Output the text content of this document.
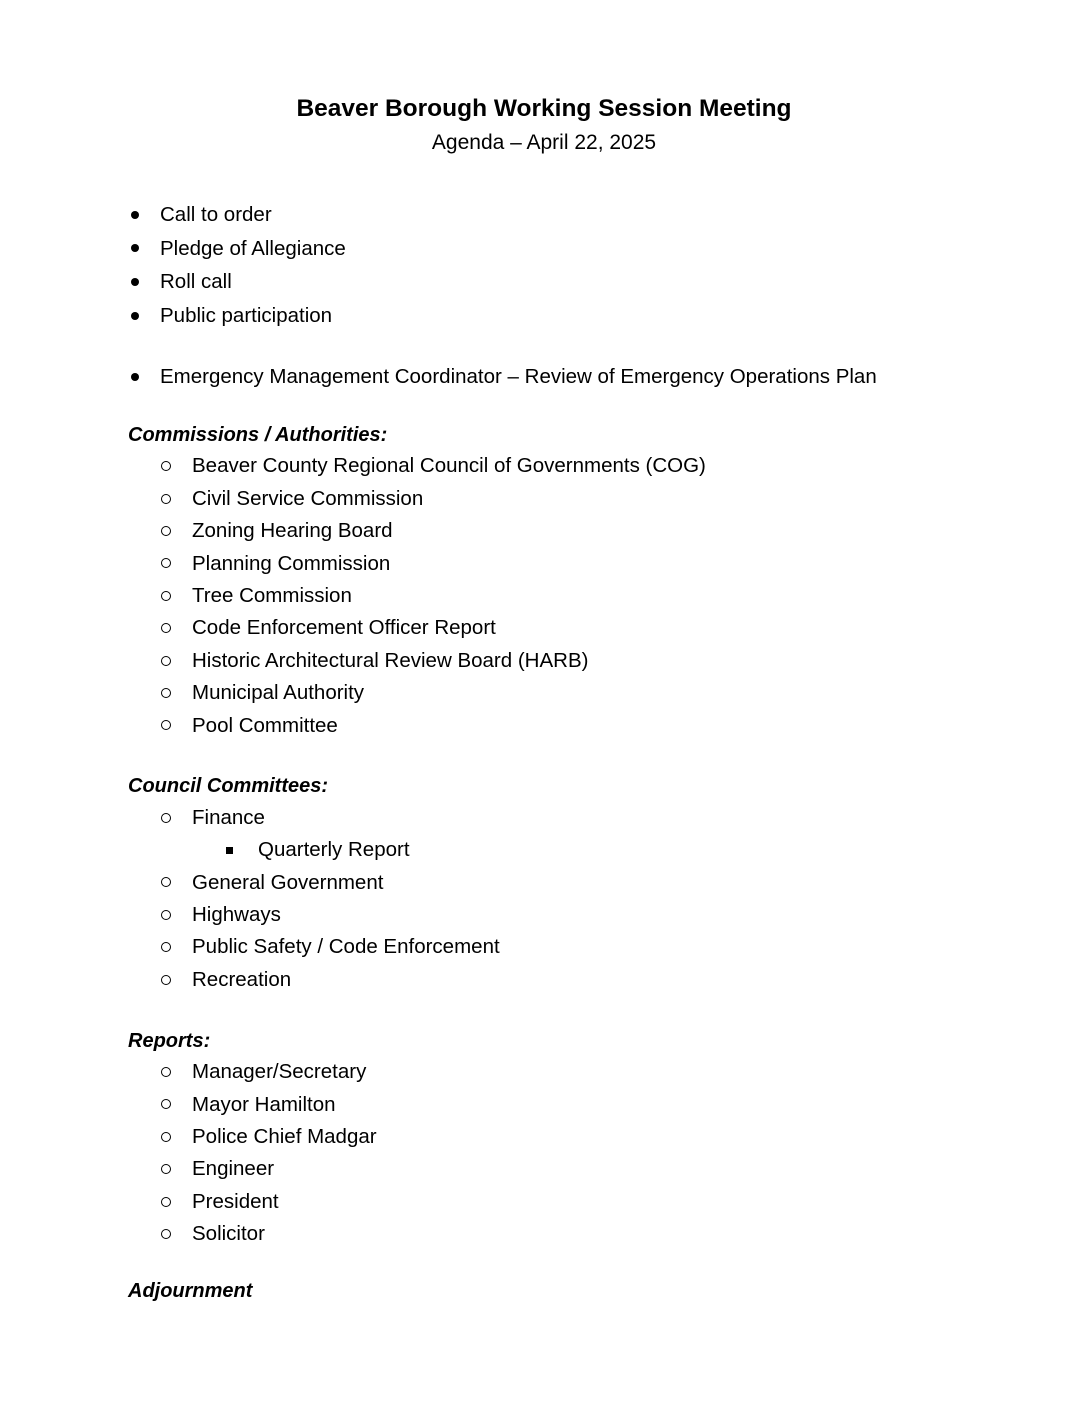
Beaver Borough Working Session Meeting
Agenda – April 22, 2025
Call to order
Pledge of Allegiance
Roll call
Public participation
Emergency Management Coordinator – Review of Emergency Operations Plan
Commissions / Authorities:
Beaver County Regional Council of Governments (COG)
Civil Service Commission
Zoning Hearing Board
Planning Commission
Tree Commission
Code Enforcement Officer Report
Historic Architectural Review Board (HARB)
Municipal Authority
Pool Committee
Council Committees:
Finance
Quarterly Report
General Government
Highways
Public Safety / Code Enforcement
Recreation
Reports:
Manager/Secretary
Mayor Hamilton
Police Chief Madgar
Engineer
President
Solicitor
Adjournment
